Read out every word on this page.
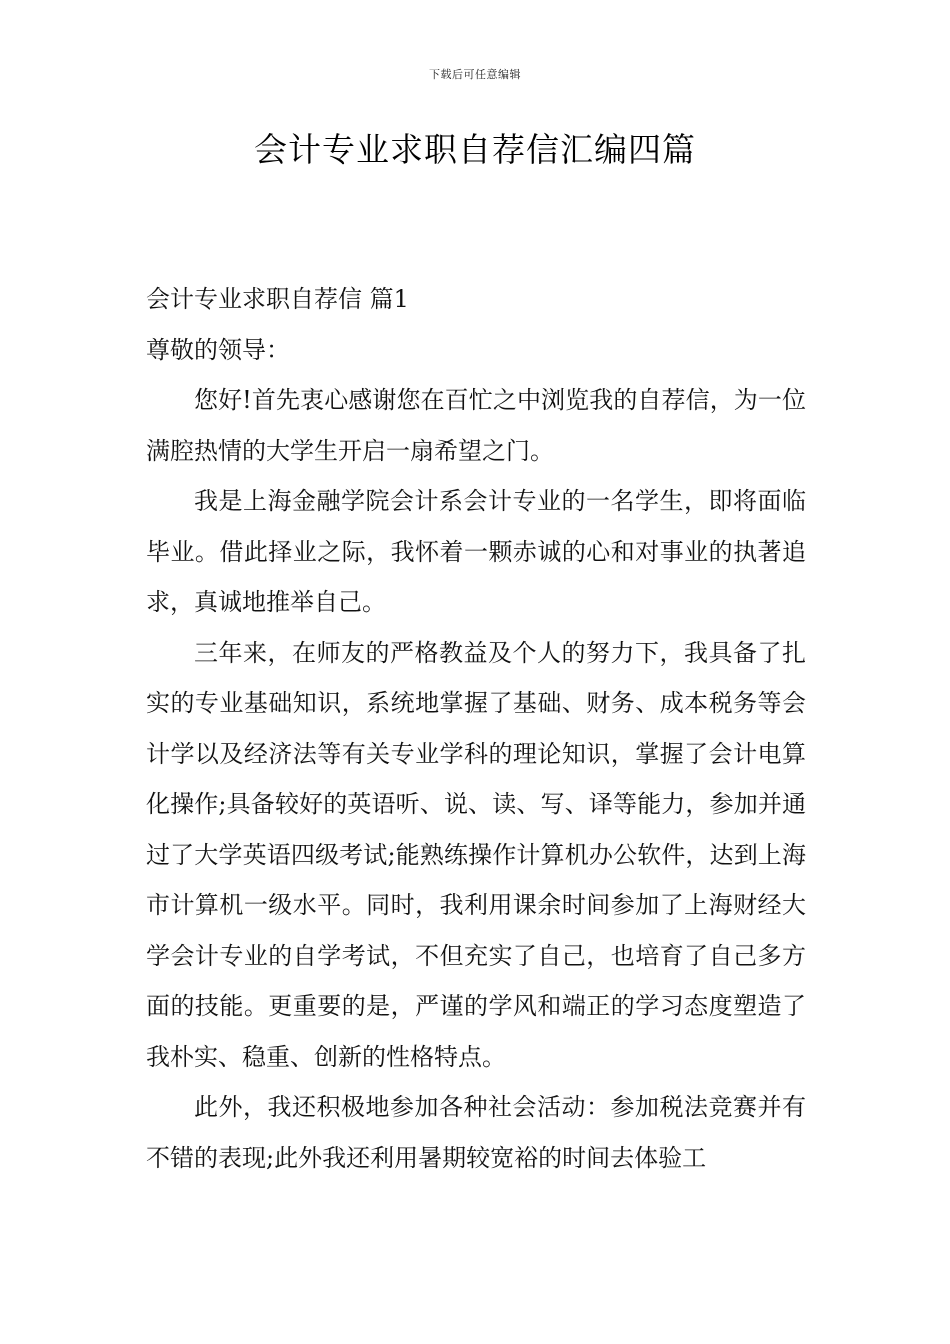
下载后可任意编辑
会计专业求职自荐信汇编四篇

会计专业求职自荐信 篇1

尊敬的领导：

您好!首先衷心感谢您在百忙之中浏览我的自荐信，为一位满腔热情的大学生开启一扇希望之门。

我是上海金融学院会计系会计专业的一名学生，即将面临毕业。借此择业之际，我怀着一颗赤诚的心和对事业的执著追求，真诚地推举自己。

三年来，在师友的严格教益及个人的努力下，我具备了扎实的专业基础知识，系统地掌握了基础、财务、成本税务等会计学以及经济法等有关专业学科的理论知识，掌握了会计电算化操作;具备较好的英语听、说、读、写、译等能力，参加并通过了大学英语四级考试;能熟练操作计算机办公软件，达到上海市计算机一级水平。同时，我利用课余时间参加了上海财经大学会计专业的自学考试，不但充实了自己，也培育了自己多方面的技能。更重要的是，严谨的学风和端正的学习态度塑造了我朴实、稳重、创新的性格特点。

此外，我还积极地参加各种社会活动：参加税法竞赛并有不错的表现;此外我还利用暑期较宽裕的时间去体验工
